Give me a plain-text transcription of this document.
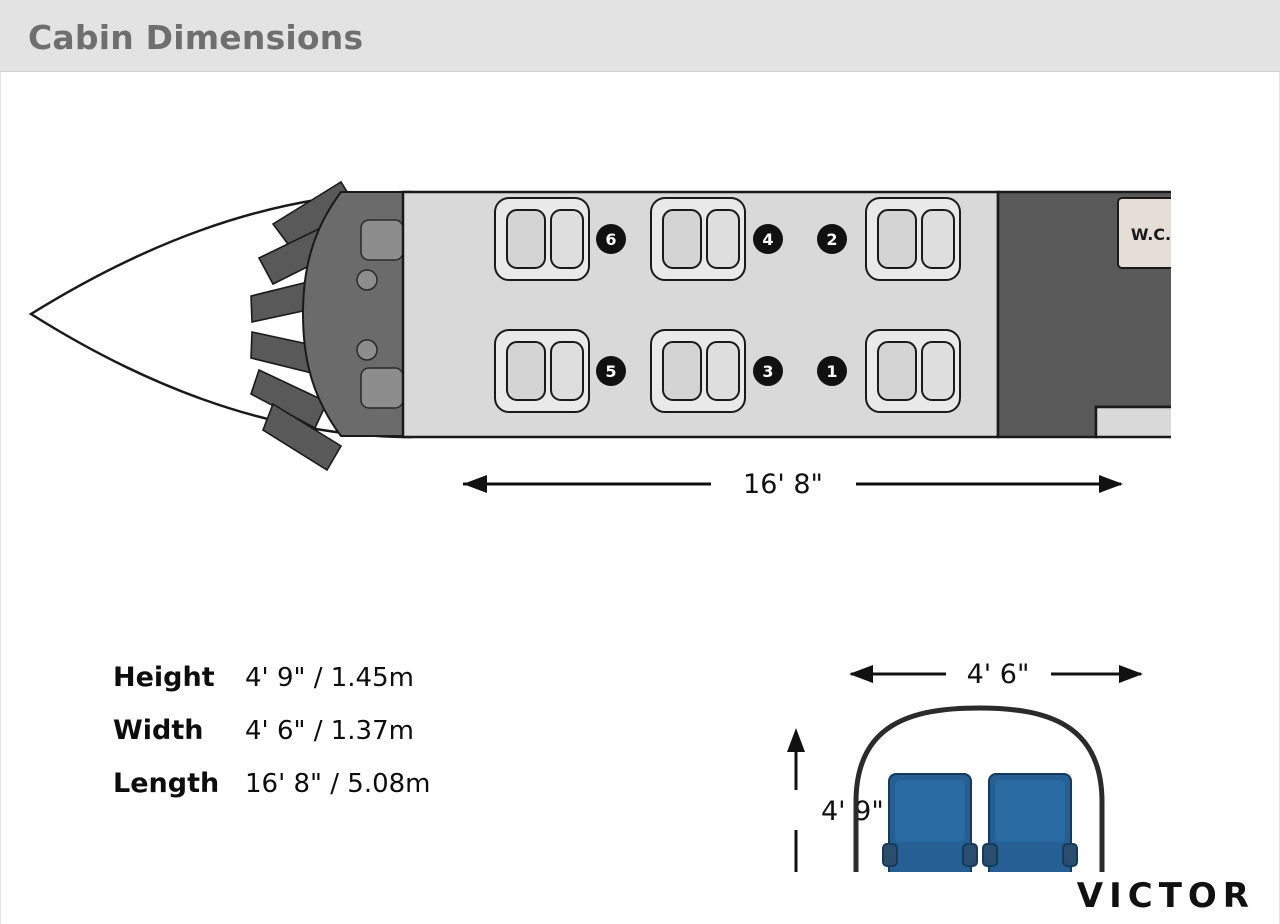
Cabin Dimensions
W.C.
6	4	2
5	3	1
16' 8"
4' 6"
4' 9"
Height	4' 9" / 1.45m
Width	4' 6" / 1.37m
Length 16' 8" / 5.08m
VICTOR
